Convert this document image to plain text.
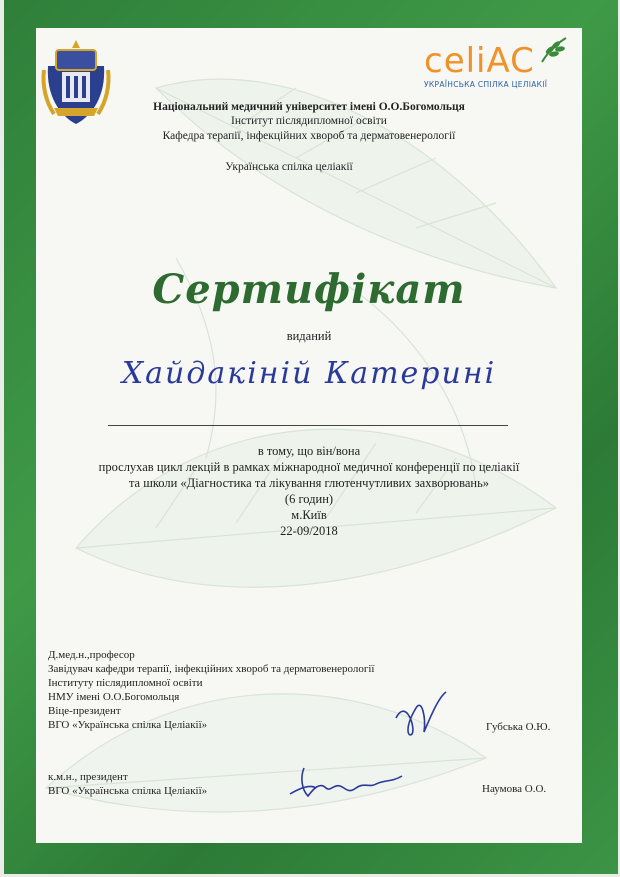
celiAC
УКРАЇНСЬКА СПІЛКА ЦЕЛІАКІЇ
Національний медичний університет імені О.О.Богомольця
Інститут післядипломної освіти
Кафедра терапії, інфекційних хвороб та дерматовенерології
Українська спілка целіакії
Сертифікат
виданий
Хайдакіній Катерині
в тому, що він/вона
прослухав цикл лекцій в рамках міжнародної медичної конференції по целіакії
та школи «Діагностика та лікування глютенчутливих захворювань»
(6 годин)
м.Київ
22-09/2018
Д.мед.н.,професор
Завідувач кафедри терапії, інфекційних хвороб та дерматовенерології
Інституту післядипломної освіти
НМУ імені О.О.Богомольця
Віце-президент
ВГО «Українська спілка Целіакії»	Губська О.Ю.
к.м.н., президент
ВГО «Українська спілка Целіакії»	Наумова О.О.
